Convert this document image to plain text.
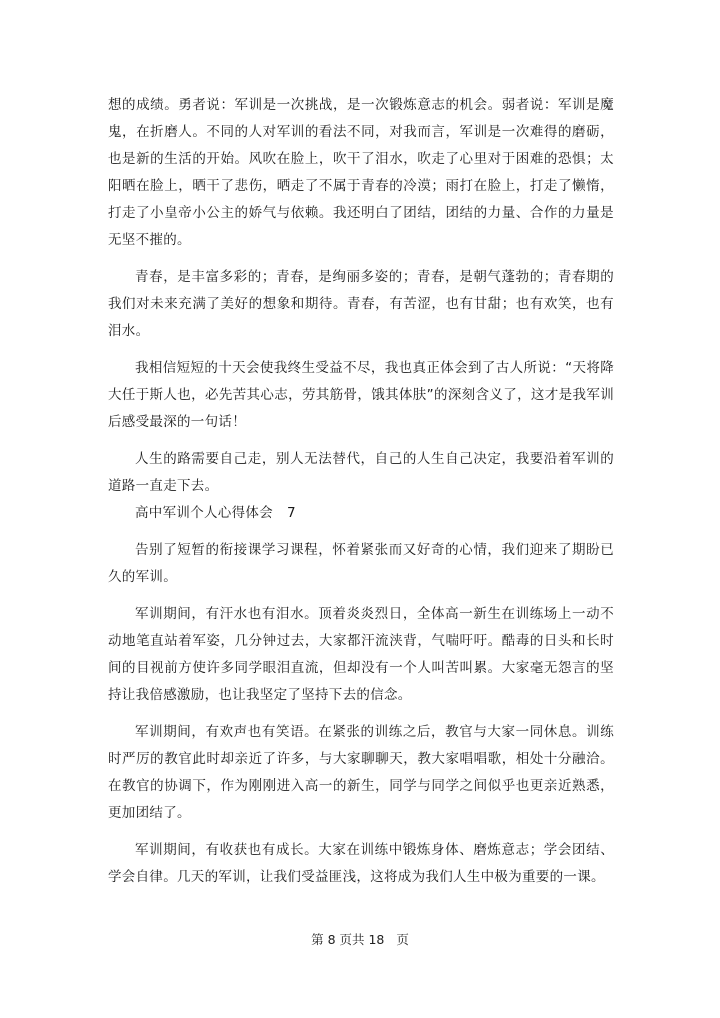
想的成绩。勇者说：军训是一次挑战，是一次锻炼意志的机会。弱者说：军训是魔鬼，在折磨人。不同的人对军训的看法不同，对我而言，军训是一次难得的磨砺，也是新的生活的开始。风吹在脸上，吹干了泪水，吹走了心里对于困难的恐惧；太阳晒在脸上，晒干了悲伤，晒走了不属于青春的冷漠；雨打在脸上，打走了懒惰，打走了小皇帝小公主的娇气与依赖。我还明白了团结，团结的力量、合作的力量是无坚不摧的。

青春，是丰富多彩的；青春，是绚丽多姿的；青春，是朝气蓬勃的；青春期的我们对未来充满了美好的想象和期待。青春，有苦涩，也有甘甜；也有欢笑，也有泪水。

我相信短短的十天会使我终生受益不尽，我也真正体会到了古人所说：“天将降大任于斯人也，必先苦其心志，劳其筋骨，饿其体肤”的深刻含义了，这才是我军训后感受最深的一句话！

人生的路需要自己走，别人无法替代，自己的人生自己决定，我要沿着军训的道路一直走下去。

高中军训个人心得体会 7

告别了短暂的衔接课学习课程，怀着紧张而又好奇的心情，我们迎来了期盼已久的军训。

军训期间，有汗水也有泪水。顶着炎炎烈日，全体高一新生在训练场上一动不动地笔直站着军姿，几分钟过去，大家都汗流浃背，气喘吁吁。酷毒的日头和长时间的目视前方使许多同学眼泪直流，但却没有一个人叫苦叫累。大家毫无怨言的坚持让我倍感激励，也让我坚定了坚持下去的信念。

军训期间，有欢声也有笑语。在紧张的训练之后，教官与大家一同休息。训练时严厉的教官此时却亲近了许多，与大家聊聊天，教大家唱唱歌，相处十分融洽。在教官的协调下，作为刚刚进入高一的新生，同学与同学之间似乎也更亲近熟悉，更加团结了。

军训期间，有收获也有成长。大家在训练中锻炼身体、磨炼意志；学会团结、学会自律。几天的军训，让我们受益匪浅，这将成为我们人生中极为重要的一课。

第 8 页共 18 页
